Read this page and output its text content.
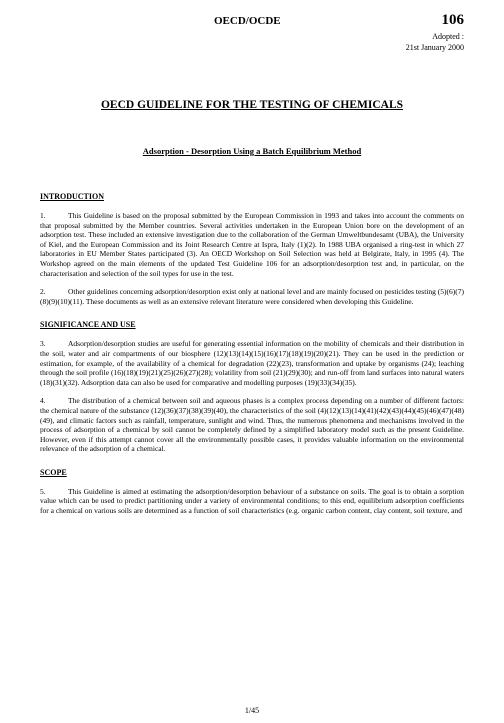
OECD/OCDE	106
Adopted :
21st January 2000
OECD GUIDELINE FOR THE TESTING OF CHEMICALS
Adsorption - Desorption Using a Batch Equilibrium Method

INTRODUCTION

1.	This Guideline is based on the proposal submitted by the European Commission in 1993 and takes into account the comments on that proposal submitted by the Member countries. Several activities undertaken in the European Union bore on the development of an adsorption test. These included an extensive investigation due to the collaboration of the German Umweltbundesamt (UBA), the University of Kiel, and the European Commission and its Joint Research Centre at Ispra, Italy (1)(2). In 1988 UBA organised a ring-test in which 27 laboratories in EU Member States participated (3). An OECD Workshop on Soil Selection was held at Belgirate, Italy, in 1995 (4). The Workshop agreed on the main elements of the updated Test Guideline 106 for an adsorption/desorption test and, in particular, on the characterisation and selection of the soil types for use in the test.

2.	Other guidelines concerning adsorption/desorption exist only at national level and are mainly focused on pesticides testing (5)(6)(7)(8)(9)(10)(11). These documents as well as an extensive relevant literature were considered when developing this Guideline.

SIGNIFICANCE AND USE

3.	Adsorption/desorption studies are useful for generating essential information on the mobility of chemicals and their distribution in the soil, water and air compartments of our biosphere (12)(13)(14)(15)(16)(17)(18)(19)(20)(21). They can be used in the prediction or estimation, for example, of the availability of a chemical for degradation (22)(23), transformation and uptake by organisms (24); leaching through the soil profile (16)(18)(19)(21)(25)(26)(27)(28); volatility from soil (21)(29)(30); and run-off from land surfaces into natural waters (18)(31)(32). Adsorption data can also be used for comparative and modelling purposes (19)(33)(34)(35).

4.	The distribution of a chemical between soil and aqueous phases is a complex process depending on a number of different factors: the chemical nature of the substance (12)(36)(37)(38)(39)(40), the characteristics of the soil (4)(12)(13)(14)(41)(42)(43)(44)(45)(46)(47)(48)(49), and climatic factors such as rainfall, temperature, sunlight and wind. Thus, the numerous phenomena and mechanisms involved in the process of adsorption of a chemical by soil cannot be completely defined by a simplified laboratory model such as the present Guideline. However, even if this attempt cannot cover all the environmentally possible cases, it provides valuable information on the environmental relevance of the adsorption of a chemical.

SCOPE

5.	This Guideline is aimed at estimating the adsorption/desorption behaviour of a substance on soils. The goal is to obtain a sorption value which can be used to predict partitioning under a variety of environmental conditions; to this end, equilibrium adsorption coefficients for a chemical on various soils are determined as a function of soil characteristics (e.g. organic carbon content, clay content, soil texture, and

1/45
